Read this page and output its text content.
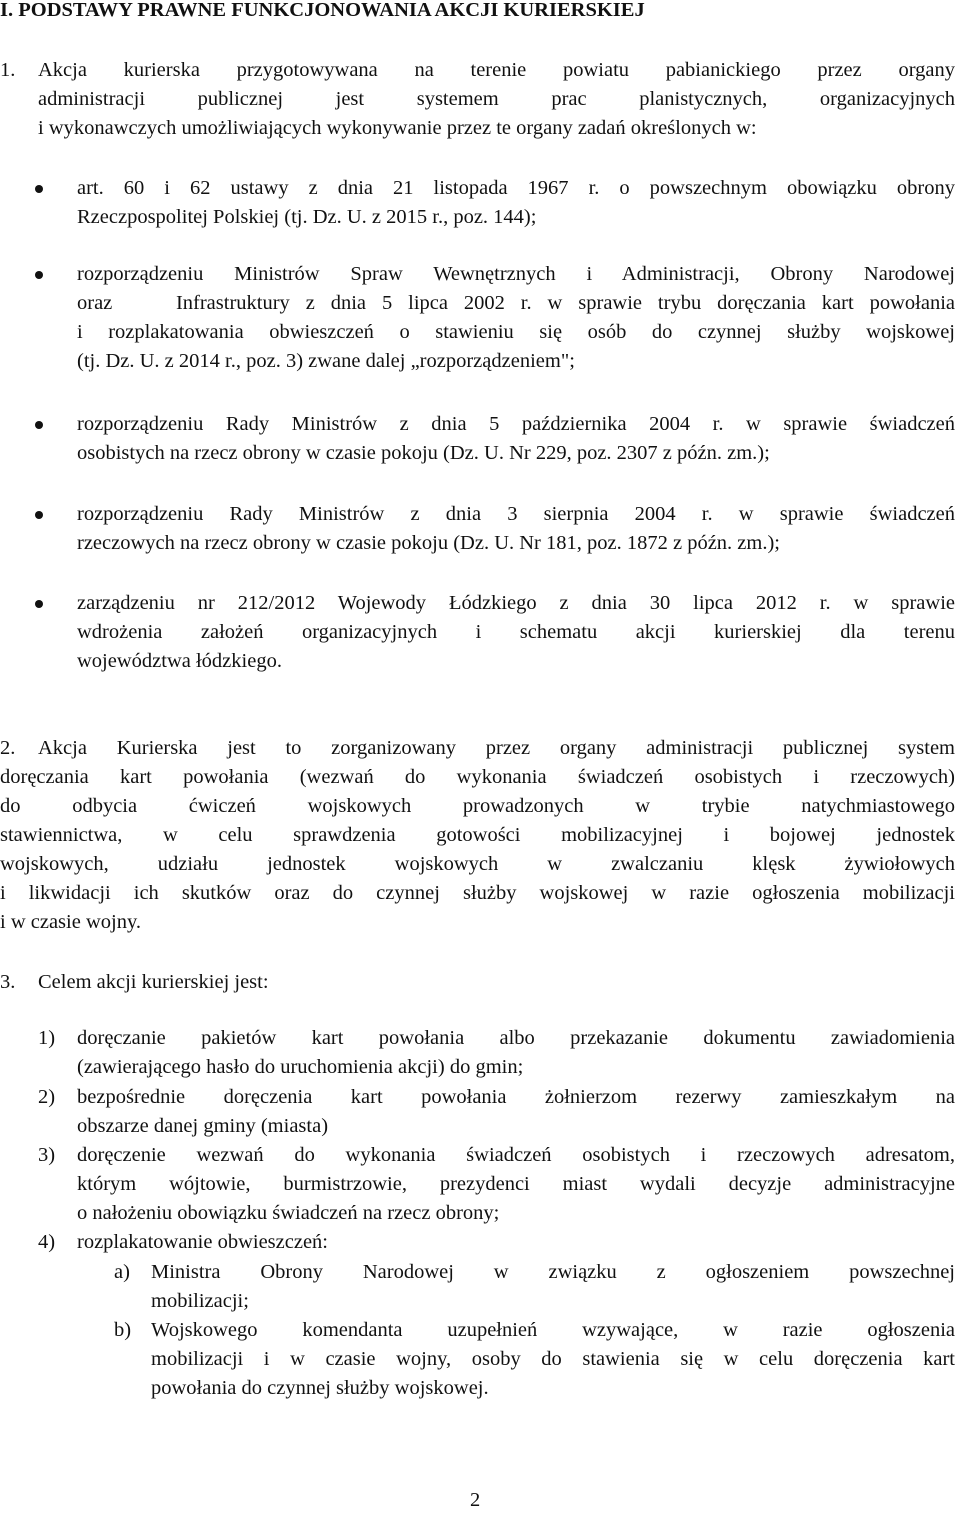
I. PODSTAWY PRAWNE FUNKCJONOWANIA AKCJI KURIERSKIEJ
1. Akcja kurierska przygotowywana na terenie powiatu pabianickiego przez organy
administracji publicznej jest systemem prac planistycznych, organizacyjnych
i wykonawczych umożliwiających wykonywanie przez te organy zadań określonych w:
art. 60 i 62 ustawy z dnia 21 listopada 1967 r. o powszechnym obowiązku obrony
Rzeczpospolitej Polskiej (tj. Dz. U. z 2015 r., poz. 144);
rozporządzeniu Ministrów Spraw Wewnętrznych i Administracji, Obrony Narodowej
oraz    Infrastruktury z dnia 5 lipca 2002 r. w sprawie trybu doręczania kart powołania
i rozplakatowania obwieszczeń o stawieniu się osób do czynnej służby wojskowej
(tj. Dz. U. z 2014 r., poz. 3) zwane dalej „rozporządzeniem";
rozporządzeniu Rady Ministrów z dnia 5 października 2004 r. w sprawie świadczeń
osobistych na rzecz obrony w czasie pokoju (Dz. U. Nr 229, poz. 2307 z późn. zm.);
rozporządzeniu Rady Ministrów z dnia 3 sierpnia 2004 r. w sprawie świadczeń
rzeczowych na rzecz obrony w czasie pokoju (Dz. U. Nr 181, poz. 1872 z późn. zm.);
zarządzeniu nr 212/2012 Wojewody Łódzkiego z dnia 30 lipca 2012 r. w sprawie
wdrożenia założeń organizacyjnych i schematu akcji kurierskiej dla terenu
województwa łódzkiego.
2. Akcja Kurierska jest to zorganizowany przez organy administracji publicznej system
doręczania kart powołania (wezwań do wykonania świadczeń osobistych i rzeczowych)
do odbycia ćwiczeń wojskowych prowadzonych w trybie natychmiastowego
stawiennictwa, w celu sprawdzenia gotowości mobilizacyjnej i bojowej jednostek
wojskowych, udziału jednostek wojskowych w zwalczaniu klęsk żywiołowych
i likwidacji ich skutków oraz do czynnej służby wojskowej w razie ogłoszenia mobilizacji
i w czasie wojny.
3. Celem akcji kurierskiej jest:
1) doręczanie pakietów kart powołania albo przekazanie dokumentu zawiadomienia
(zawierającego hasło do uruchomienia akcji) do gmin;
2) bezpośrednie doręczenia kart powołania żołnierzom rezerwy zamieszkałym na
obszarze danej gminy (miasta)
3) doręczenie wezwań do wykonania świadczeń osobistych i rzeczowych adresatom,
którym wójtowie, burmistrzowie, prezydenci miast wydali decyzje administracyjne
o nałożeniu obowiązku świadczeń na rzecz obrony;
4) rozplakatowanie obwieszczeń:
a) Ministra Obrony Narodowej w związku z ogłoszeniem powszechnej
mobilizacji;
b) Wojskowego komendanta uzupełnień wzywające, w razie ogłoszenia
mobilizacji i w czasie wojny, osoby do stawienia się w celu doręczenia kart
powołania do czynnej służby wojskowej.
2
